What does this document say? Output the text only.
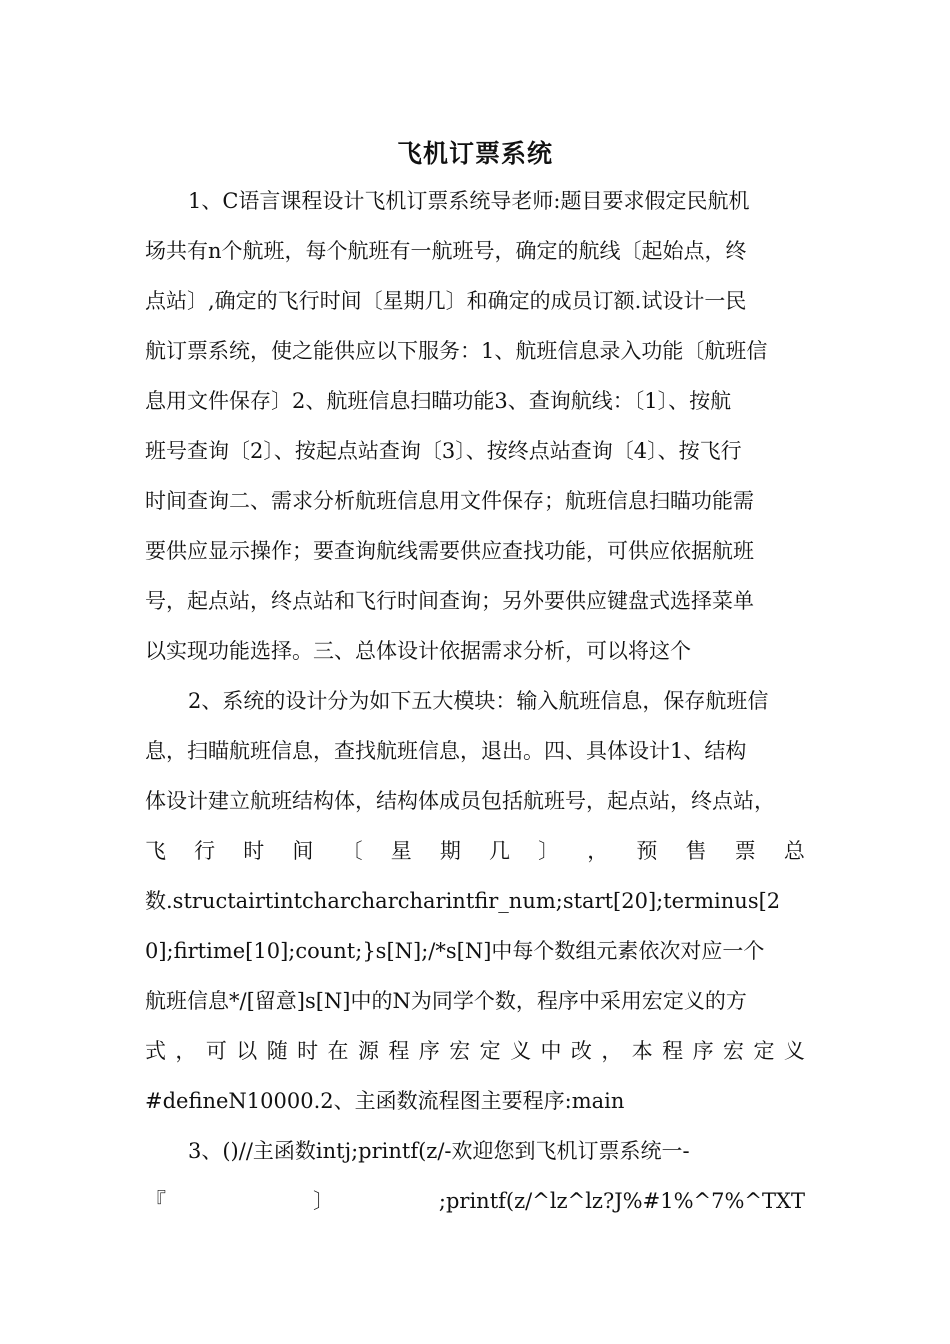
飞机订票系统
1、C语言课程设计飞机订票系统导老师:题目要求假定民航机
场共有n个航班，每个航班有一航班号，确定的航线〔起始点，终
点站〕,确定的飞行时间〔星期几〕和确定的成员订额.试设计一民
航订票系统，使之能供应以下服务：1、航班信息录入功能〔航班信
息用文件保存〕2、航班信息扫瞄功能3、查询航线：〔1〕、按航
班号查询〔2〕、按起点站查询〔3〕、按终点站查询〔4〕、按飞行
时间查询二、需求分析航班信息用文件保存；航班信息扫瞄功能需
要供应显示操作；要查询航线需要供应查找功能，可供应依据航班
号，起点站，终点站和飞行时间查询；另外要供应键盘式选择菜单
以实现功能选择。三、总体设计依据需求分析，可以将这个
2、系统的设计分为如下五大模块：输入航班信息，保存航班信
息，扫瞄航班信息，查找航班信息，退出。四、具体设计1、结构
体设计建立航班结构体，结构体成员包括航班号，起点站，终点站，
飞 行 时 间 〔 星 期 几 〕 ， 预 售 票 总
数.structairtintcharcharcharintfir_num;start[20];terminus[2
0];firtime[10];count;}s[N];/*s[N]中每个数组元素依次对应一个
航班信息*/[留意]s[N]中的N为同学个数，程序中采用宏定义的方
式 ， 可 以 随 时 在 源 程 序 宏 定 义 中 改 ， 本 程 序 宏 定 义
#defineN10000.2、主函数流程图主要程序:main
3、()//主函数intj;printf(z/-欢迎您到飞机订票系统一-
『	〕	;printf(z/^lz^lz?J%#1%^7%^TXT
